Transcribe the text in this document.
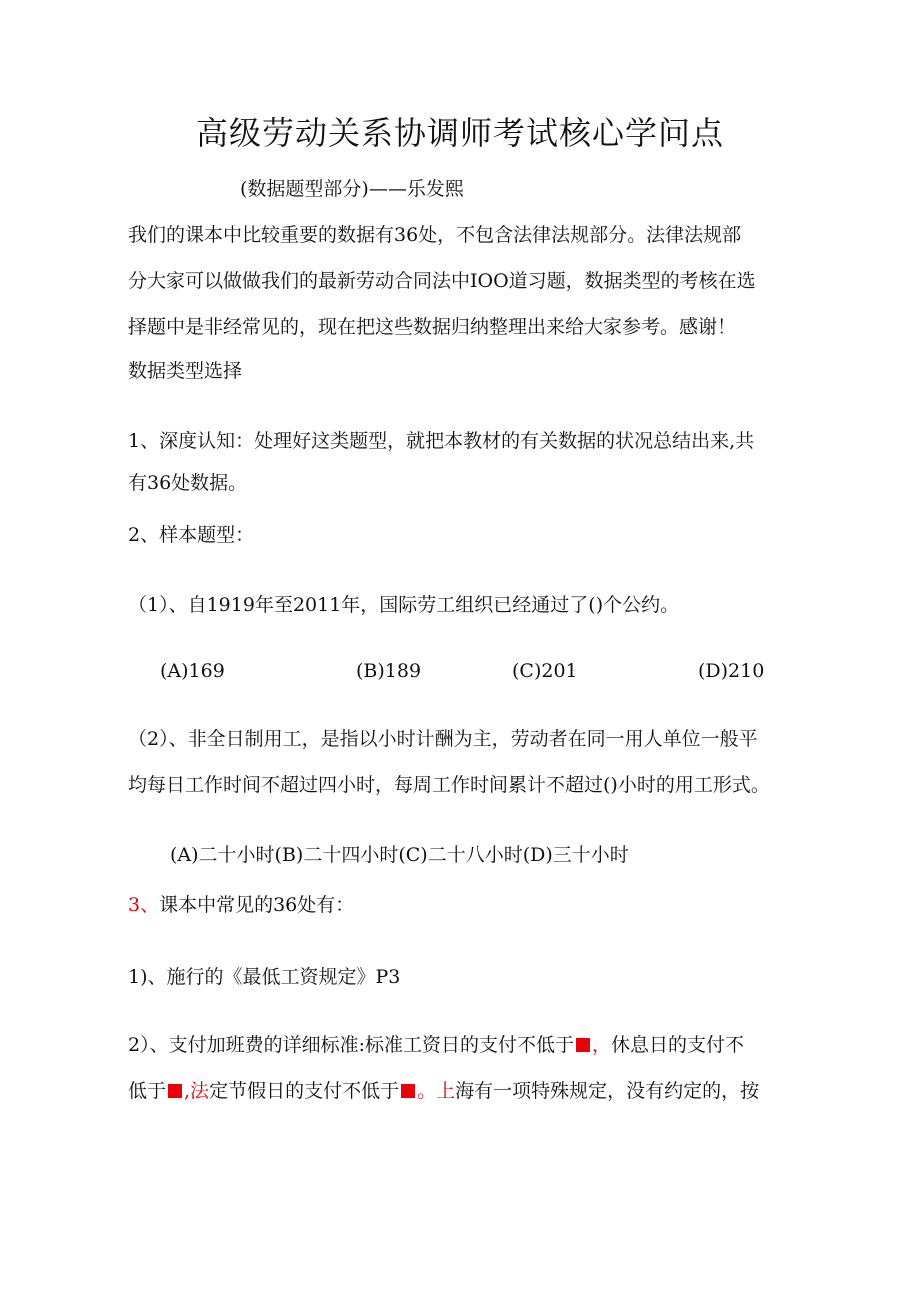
高级劳动关系协调师考试核心学问点
(数据题型部分)——乐发熙
我们的课本中比较重要的数据有36处，不包含法律法规部分。法律法规部
分大家可以做做我们的最新劳动合同法中IOO道习题，数据类型的考核在选
择题中是非经常见的，现在把这些数据归纳整理出来给大家参考。感谢！
数据类型选择
1、深度认知：处理好这类题型，就把本教材的有关数据的状况总结出来,共
有36处数据。
2、样本题型：
（1）、自1919年至2011年，国际劳工组织已经通过了()个公约。
(A)169	(B)189	(C)201	(D)210
（2）、非全日制用工，是指以小时计酬为主，劳动者在同一用人单位一般平
均每日工作时间不超过四小时，每周工作时间累计不超过()小时的用工形式。
(A)二十小时(B)二十四小时(C)二十八小时(D)三十小时
3、课本中常见的36处有：
1)、施行的《最低工资规定》P3
2）、支付加班费的详细标准:标准工资日的支付不低于 ，休息日的支付不
低于 ,法定节假日的支付不低于 。上海有一项特殊规定，没有约定的，按
